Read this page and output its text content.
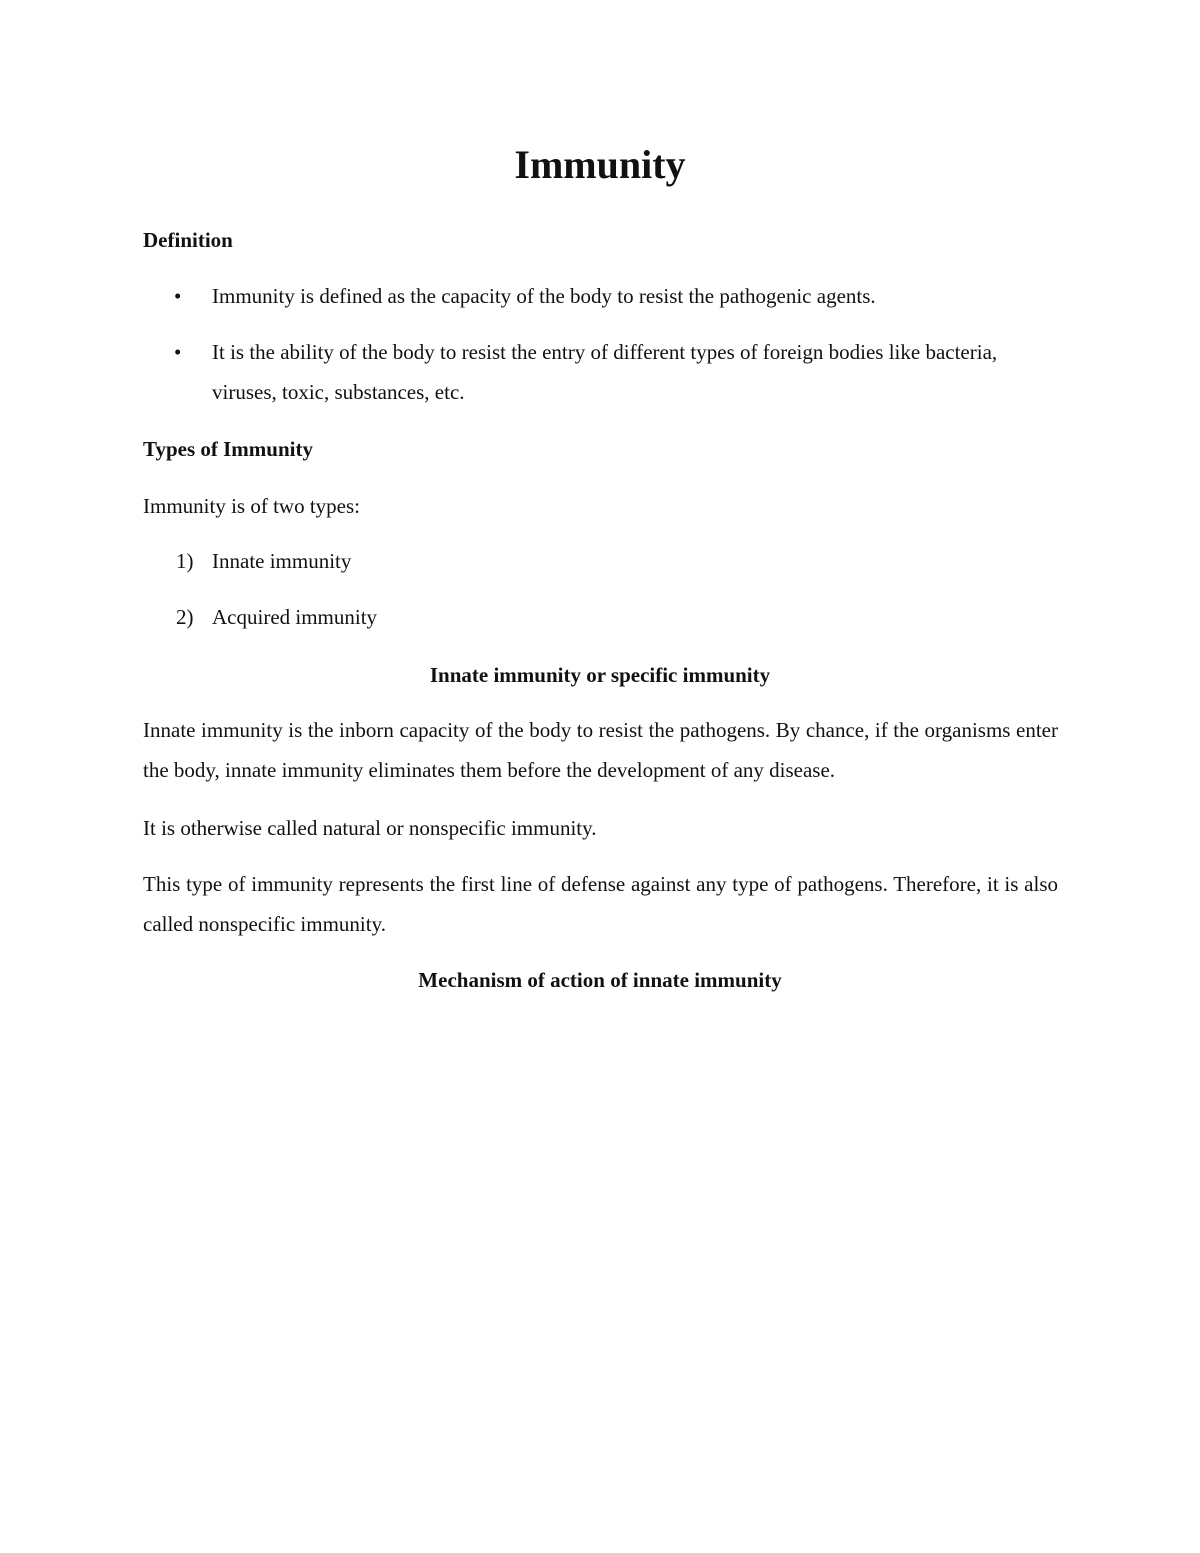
Immunity
Definition
• Immunity is defined as the capacity of the body to resist the pathogenic agents.

• It is the ability of the body to resist the entry of different types of foreign bodies like bacteria, viruses, toxic, substances, etc.

Types of Immunity

Immunity is of two types:

1) Innate immunity
2) Acquired immunity
Innate immunity or specific immunity

Innate immunity is the inborn capacity of the body to resist the pathogens. By chance, if the organisms enter the body, innate immunity eliminates them before the development of any disease.

It is otherwise called natural or nonspecific immunity.

This type of immunity represents the first line of defense against any type of pathogens. Therefore, it is also called nonspecific immunity.

Mechanism of action of innate immunity
